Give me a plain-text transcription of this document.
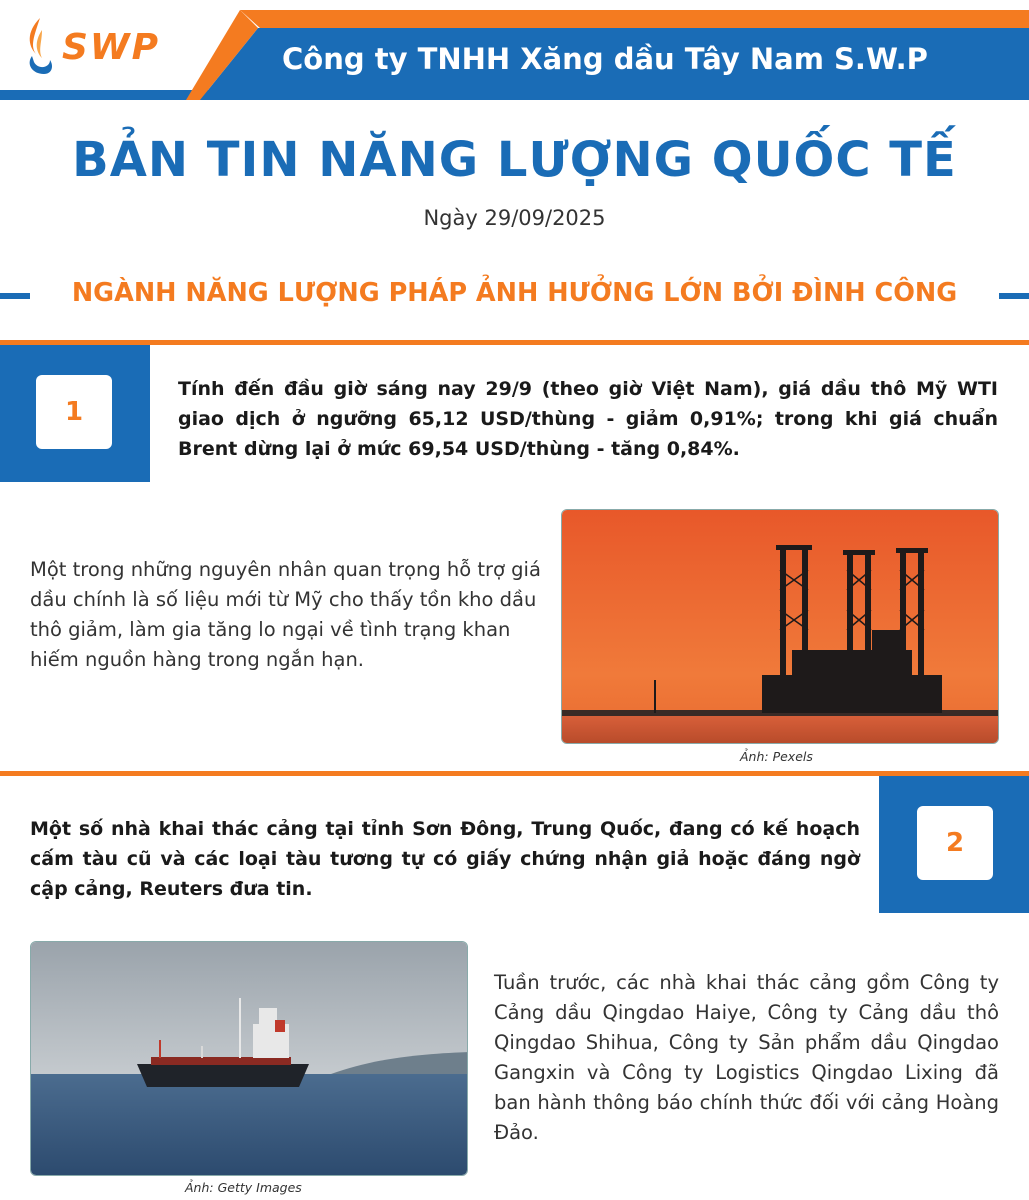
SWP	Công ty TNHH Xăng dầu Tây Nam S.W.P
BẢN TIN NĂNG LƯỢNG QUỐC TẾ
Ngày 29/09/2025
NGÀNH NĂNG LƯỢNG PHÁP ẢNH HƯỞNG LỚN BỞI ĐÌNH CÔNG
1
Tính đến đầu giờ sáng nay 29/9 (theo giờ Việt Nam), giá dầu thô Mỹ WTI giao dịch ở ngưỡng 65,12 USD/thùng - giảm 0,91%; trong khi giá chuẩn Brent dừng lại ở mức 69,54 USD/thùng - tăng 0,84%.
Một trong những nguyên nhân quan trọng hỗ trợ giá dầu chính là số liệu mới từ Mỹ cho thấy tồn kho dầu thô giảm, làm gia tăng lo ngại về tình trạng khan hiếm nguồn hàng trong ngắn hạn.
Ảnh: Pexels
2
Một số nhà khai thác cảng tại tỉnh Sơn Đông, Trung Quốc, đang có kế hoạch cấm tàu cũ và các loại tàu tương tự có giấy chứng nhận giả hoặc đáng ngờ cập cảng, Reuters đưa tin.
Ảnh: Getty Images
Tuần trước, các nhà khai thác cảng gồm Công ty Cảng dầu Qingdao Haiye, Công ty Cảng dầu thô Qingdao Shihua, Công ty Sản phẩm dầu Qingdao Gangxin và Công ty Logistics Qingdao Lixing đã ban hành thông báo chính thức đối với cảng Hoàng Đảo.
